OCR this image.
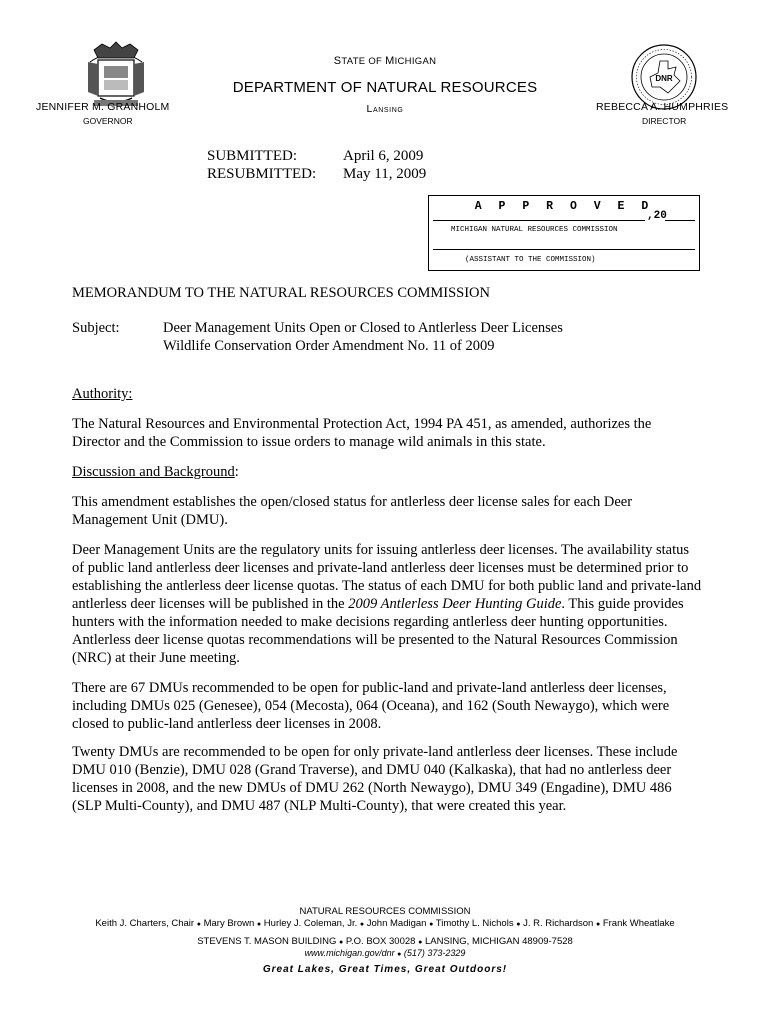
DNR
STATE OF MICHIGAN
DEPARTMENT OF NATURAL RESOURCES
Lansing
JENNIFER M. GRANHOLM
GOVERNOR
REBECCA A. HUMPHRIES
DIRECTOR
SUBMITTED:	April 6, 2009
RESUBMITTED: May 11, 2009
A P P R O V E D
,20
MICHIGAN NATURAL RESOURCES COMMISSION
(ASSISTANT TO THE COMMISSION)
MEMORANDUM TO THE NATURAL RESOURCES COMMISSION
Subject:	Deer Management Units Open or Closed to Antlerless Deer Licenses
Wildlife Conservation Order Amendment No. 11 of 2009
Authority:
The Natural Resources and Environmental Protection Act, 1994 PA 451, as amended, authorizes the Director and the Commission to issue orders to manage wild animals in this state.
Discussion and Background:
This amendment establishes the open/closed status for antlerless deer license sales for each Deer Management Unit (DMU).
Deer Management Units are the regulatory units for issuing antlerless deer licenses. The availability status of public land antlerless deer licenses and private-land antlerless deer licenses must be determined prior to establishing the antlerless deer license quotas. The status of each DMU for both public land and private-land antlerless deer licenses will be published in the 2009 Antlerless Deer Hunting Guide. This guide provides hunters with the information needed to make decisions regarding antlerless deer hunting opportunities. Antlerless deer license quotas recommendations will be presented to the Natural Resources Commission (NRC) at their June meeting.
There are 67 DMUs recommended to be open for public-land and private-land antlerless deer licenses, including DMUs 025 (Genesee), 054 (Mecosta), 064 (Oceana), and 162 (South Newaygo), which were closed to public-land antlerless deer licenses in 2008.
Twenty DMUs are recommended to be open for only private-land antlerless deer licenses. These include DMU 010 (Benzie), DMU 028 (Grand Traverse), and DMU 040 (Kalkaska), that had no antlerless deer licenses in 2008, and the new DMUs of DMU 262 (North Newaygo), DMU 349 (Engadine), DMU 486 (SLP Multi-County), and DMU 487 (NLP Multi-County), that were created this year.
NATURAL RESOURCES COMMISSION
Keith J. Charters, Chair ● Mary Brown ● Hurley J. Coleman, Jr. ● John Madigan ● Timothy L. Nichols ● J. R. Richardson ● Frank Wheatlake
STEVENS T. MASON BUILDING ● P.O. BOX 30028 ● LANSING, MICHIGAN 48909-7528
www.michigan.gov/dnr ● (517) 373-2329
Great Lakes, Great Times, Great Outdoors!
